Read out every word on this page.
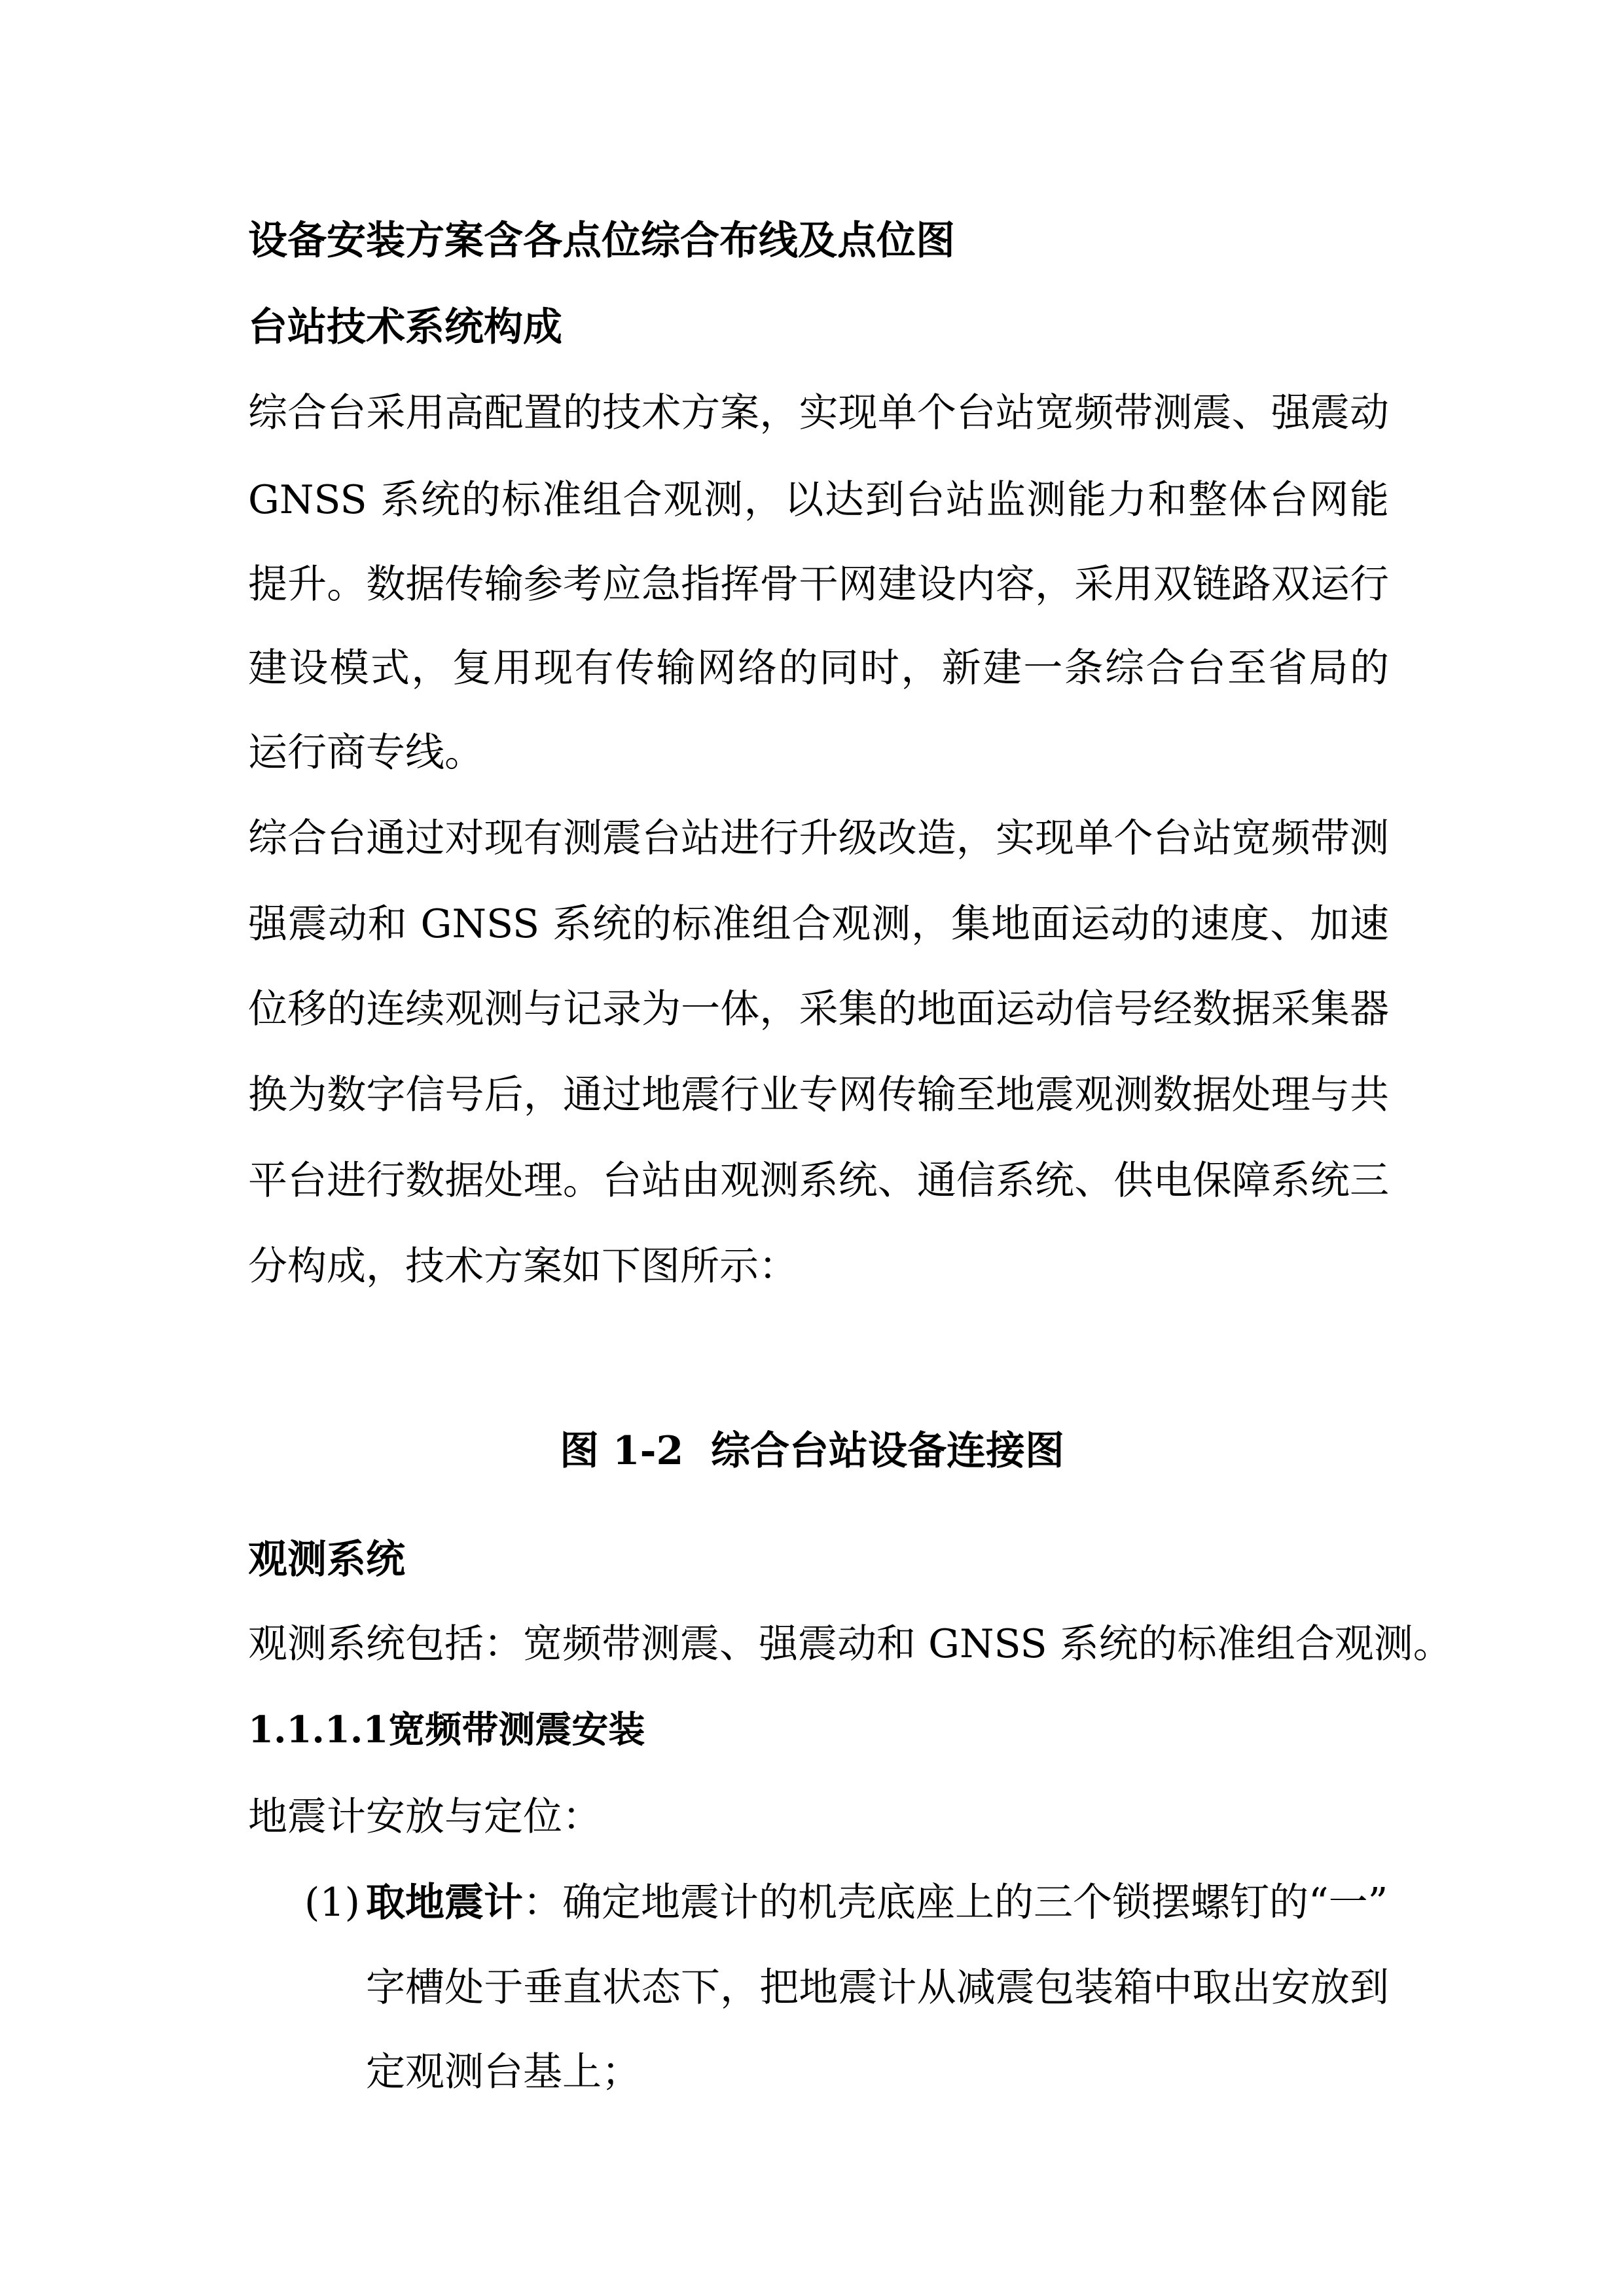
设备安装方案含各点位综合布线及点位图
台站技术系统构成
综合台采用高配置的技术方案，实现单个台站宽频带测震、强震动
GNSS 系统的标准组合观测，以达到台站监测能力和整体台网能
提升。数据传输参考应急指挥骨干网建设内容，采用双链路双运行
建设模式，复用现有传输网络的同时，新建一条综合台至省局的
运行商专线。
综合台通过对现有测震台站进行升级改造，实现单个台站宽频带测
强震动和 GNSS 系统的标准组合观测，集地面运动的速度、加速
位移的连续观测与记录为一体，采集的地面运动信号经数据采集器
换为数字信号后，通过地震行业专网传输至地震观测数据处理与共
平台进行数据处理。台站由观测系统、通信系统、供电保障系统三
分构成，技术方案如下图所示：
图 1-2  综合台站设备连接图
观测系统
观测系统包括：宽频带测震、强震动和 GNSS 系统的标准组合观测。
1.1.1.1宽频带测震安装
地震计安放与定位：
(1) 取地震计：确定地震计的机壳底座上的三个锁摆螺钉的“一”
字槽处于垂直状态下，把地震计从减震包装箱中取出安放到
定观测台基上；
